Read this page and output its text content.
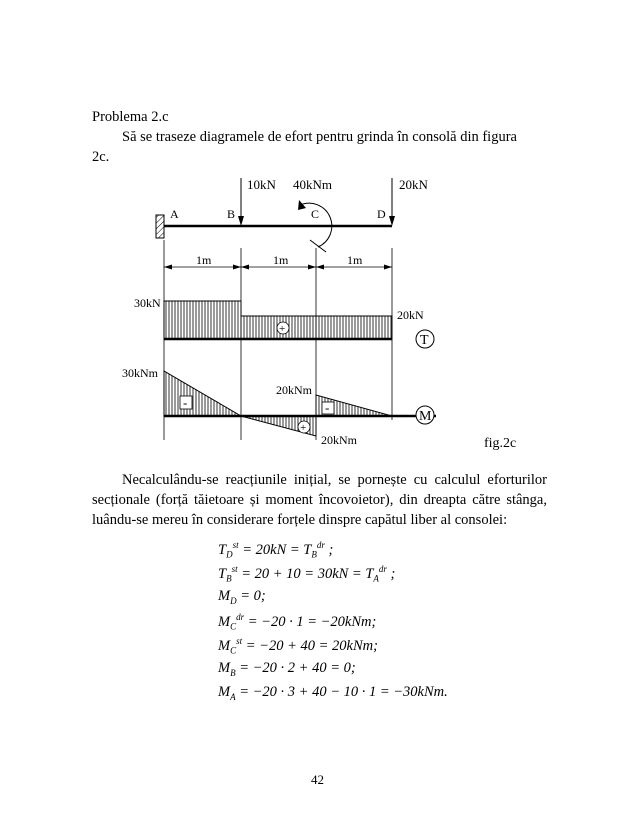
Problema 2.c
Să se traseze diagramele de efort pentru grinda în consolă din figura
2c.
10kN 40kNm	20kN
A	B	C	D
1m	1m	1m
+
30kN
20kN
T
-	-
+
30kNm
20kNm
20kNm
M
fig.2c
Necalculându-se reacțiunile inițial, se pornește cu calculul eforturilor secționale (forță tăietoare și moment încovoietor), din dreapta către stânga, luându-se mereu în considerare forțele dinspre capătul liber al consolei:
$T_D^{st} = 20kN = T_B^{dr}$ ;
$T_B^{st} = 20 + 10 = 30kN = T_A^{dr}$ ;
$M_D = 0$;
$M_C^{dr} = -20 \cdot 1 = -20kNm$;
$M_Cst = -20 + 40 = 20kNm$;
$M_B = -20 \cdot 2 + 40 = 0$;
$M_A = -20 \cdot 3 + 40 - 10 \cdot 1 = -30kNm$.
42
